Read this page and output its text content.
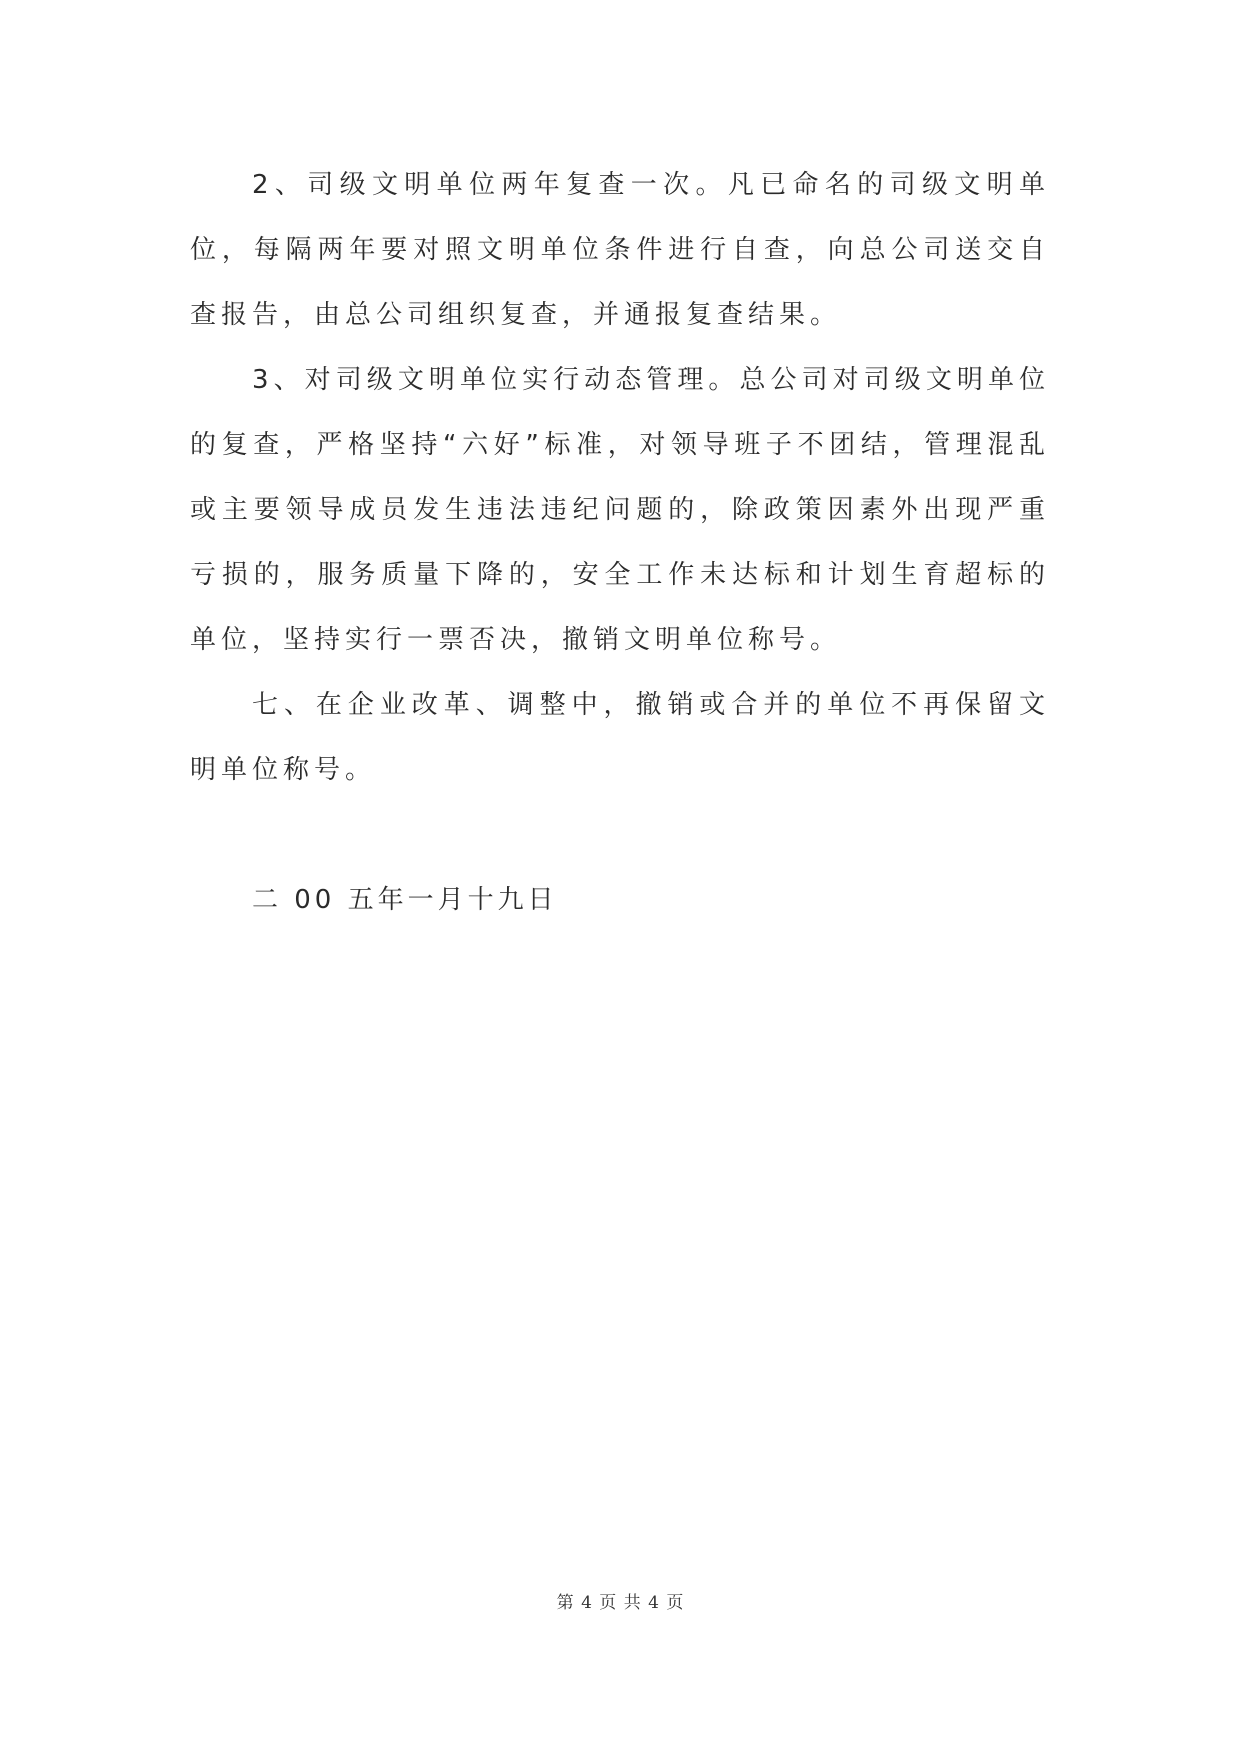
2、司级文明单位两年复查一次。凡已命名的司级文明单位，每隔两年要对照文明单位条件进行自查，向总公司送交自查报告，由总公司组织复查，并通报复查结果。

3、对司级文明单位实行动态管理。总公司对司级文明单位的复查，严格坚持“六好”标准，对领导班子不团结，管理混乱或主要领导成员发生违法违纪问题的，除政策因素外出现严重亏损的，服务质量下降的，安全工作未达标和计划生育超标的单位，坚持实行一票否决，撤销文明单位称号。

七、在企业改革、调整中，撤销或合并的单位不再保留文明单位称号。

二 00 五年一月十九日

第 4 页 共 4 页
